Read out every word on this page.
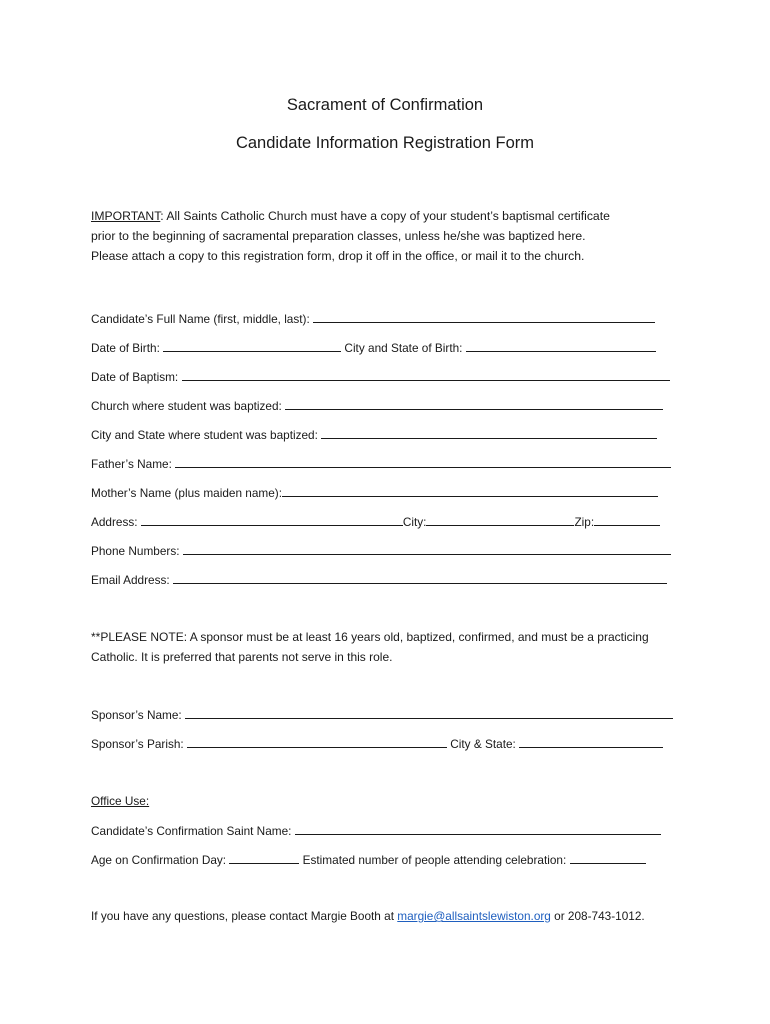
Sacrament of Confirmation
Candidate Information Registration Form
IMPORTANT: All Saints Catholic Church must have a copy of your student’s baptismal certificate
prior to the beginning of sacramental preparation classes, unless he/she was baptized here.
Please attach a copy to this registration form, drop it off in the office, or mail it to the church.
Candidate’s Full Name (first, middle, last):
Date of Birth:	City and State of Birth:
Date of Baptism:
Church where student was baptized:
City and State where student was baptized:
Father’s Name:
Mother’s Name (plus maiden name):
Address:	City:	Zip:
Phone Numbers:
Email Address:
**PLEASE NOTE: A sponsor must be at least 16 years old, baptized, confirmed, and must be a practicing
Catholic. It is preferred that parents not serve in this role.
Sponsor’s Name:
Sponsor’s Parish:	City & State:
Office Use:
Candidate’s Confirmation Saint Name:
Age on Confirmation Day:	Estimated number of people attending celebration:
If you have any questions, please contact Margie Booth at margie@allsaintslewiston.org or 208-743-1012.
